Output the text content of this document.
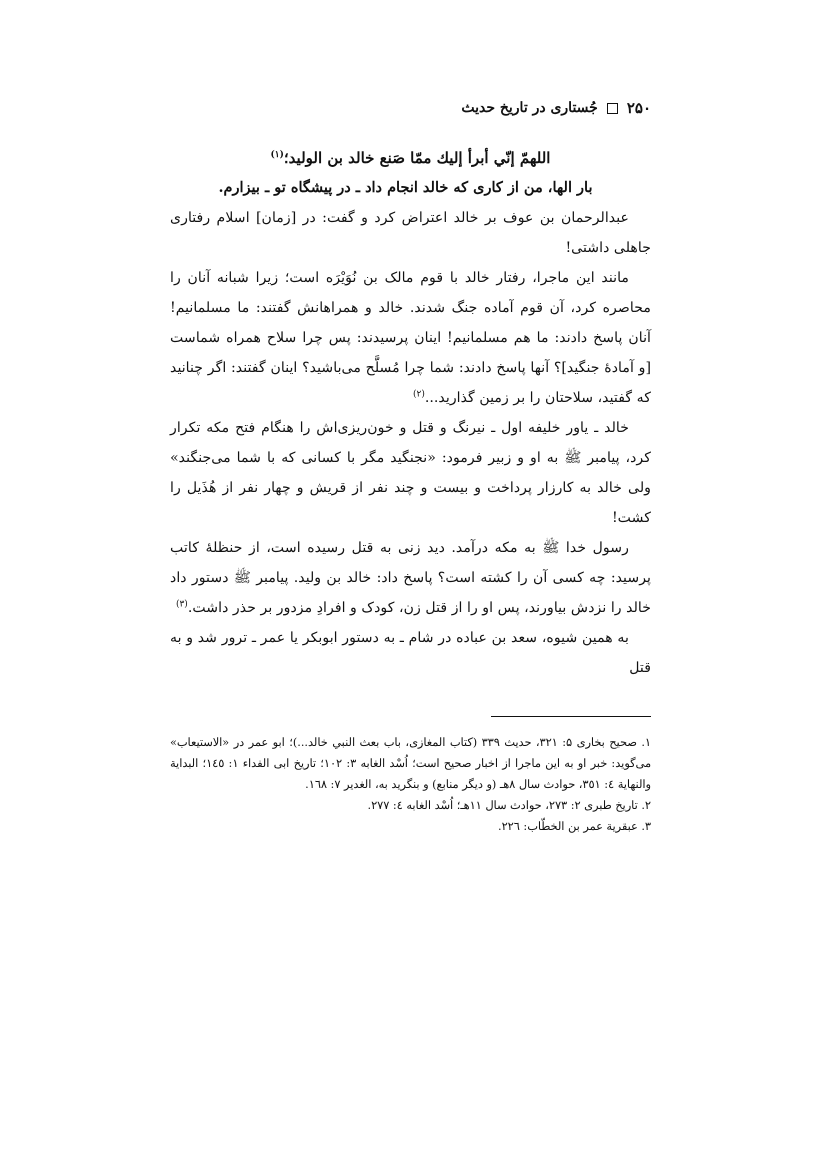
۲۵۰
جُستاری در تاریخ حدیث

اللهمّ إنّي أبرأ إليك ممّا صَنع خالد بن الوليد؛$^{(۱)}$

بار الها، من از کاری که خالد انجام داد ـ در پیشگاه تو ـ بیزارم.

عبدالرحمان بن عوف بر خالد اعتراض کرد و گفت: در [زمان] اسلام رفتاری جاهلی داشتی!

مانند این ماجرا، رفتار خالد با قوم مالک بن نُوَیْرَه است؛ زیرا شبانه آنان را محاصره کرد، آن قوم آماده جنگ شدند. خالد و همراهانش گفتند: ما مسلمانیم! آنان پاسخ دادند: ما هم مسلمانیم! اینان پرسیدند: پس چرا سلاح همراه شماست [و آمادهٔ جنگید]؟ آنها پاسخ دادند: شما چرا مُسلَّح می‌باشید؟ اینان گفتند: اگر چنانید که گفتید، سلاحتان را بر زمین گذارید...$^{(۲)}$

خالد ـ یاور خلیفه اول ـ نیرنگ و قتل و خون‌ریزی‌اش را هنگام فتح مکه تکرار کرد، پیامبر ﷺ به او و زبیر فرمود: «نجنگید مگر با کسانی که با شما می‌جنگند» ولی خالد به کارزار پرداخت و بیست و چند نفر از قریش و چهار نفر از هُذَیل را کشت!

رسول خدا ﷺ به مکه درآمد. دید زنی به قتل رسیده است، از حنظلهٔ کاتب پرسید: چه کسی آن را کشته است؟ پاسخ داد: خالد بن ولید. پیامبر ﷺ دستور داد خالد را نزدش بیاورند، پس او را از قتل زن، کودک و افرادِ مزدور بر حذر داشت.$^{(۳)}$

به همین شیوه، سعد بن عباده در شام ـ به دستور ابوبکر یا عمر ـ ترور شد و به قتل

۱. صحیح بخاری ۵: ۳۲۱، حدیث ۳۳۹ (کتاب المغازی، باب بعث النبي خالد...)؛ ابو عمر در «الاستیعاب» می‌گوید: خبر او به این ماجرا از اخبار صحیح است؛ اُسْد الغابه ۳: ۱۰۲؛ تاریخ ابی الفداء ۱: ۱٤٥؛ البداية والنهاية ٤: ۳٥۱، حوادث سال ۸هـ (و دیگر منابع) و بنگرید به، الغدیر ۷: ۱٦۸.

۲. تاریخ طبری ۲: ۲۷۳، حوادث سال ۱۱هـ؛ اُسْد الغابه ٤: ۲۷۷.

۳. عبقرية عمر بن الخطّاب: ۲۲٦.
